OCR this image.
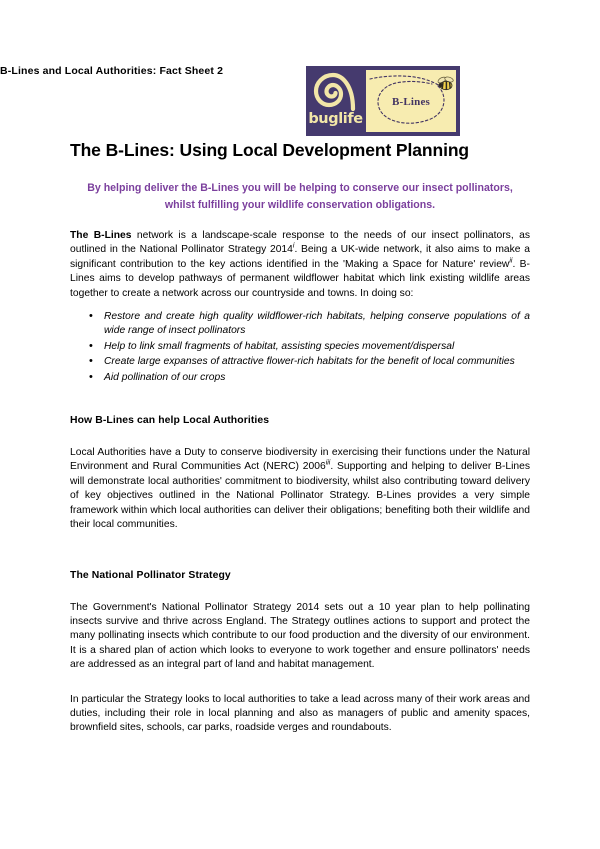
B-Lines and Local Authorities: Fact Sheet 2
buglife
B-Lines
The B-Lines: Using Local Development Planning
By helping deliver the B-Lines you will be helping to conserve our insect pollinators,
whilst fulfilling your wildlife conservation obligations.

The B-Lines network is a landscape-scale response to the needs of our insect pollinators, as outlined in the National Pollinator Strategy 2014$^i$. Being a UK-wide network, it also aims to make a significant contribution to the key actions identified in the 'Making a Space for Nature' review$^{ii}$. B-Lines aims to develop pathways of permanent wildflower habitat which link existing wildlife areas together to create a network across our countryside and towns. In doing so:

• Restore and create high quality wildflower-rich habitats, helping conserve populations of a wide range of insect pollinators
• Help to link small fragments of habitat, assisting species movement/dispersal
• Create large expanses of attractive flower-rich habitats for the benefit of local communities
• Aid pollination of our crops
How B-Lines can help Local Authorities

Local Authorities have a Duty to conserve biodiversity in exercising their functions under the Natural Environment and Rural Communities Act (NERC) 2006$^{iii}$. Supporting and helping to deliver B-Lines will demonstrate local authorities' commitment to biodiversity, whilst also contributing toward delivery of key objectives outlined in the National Pollinator Strategy. B-Lines provides a very simple framework within which local authorities can deliver their obligations; benefiting both their wildlife and their local communities.

The National Pollinator Strategy

The Government's National Pollinator Strategy 2014 sets out a 10 year plan to help pollinating insects survive and thrive across England. The Strategy outlines actions to support and protect the many pollinating insects which contribute to our food production and the diversity of our environment. It is a shared plan of action which looks to everyone to work together and ensure pollinators' needs are addressed as an integral part of land and habitat management.

In particular the Strategy looks to local authorities to take a lead across many of their work areas and duties, including their role in local planning and also as managers of public and amenity spaces, brownfield sites, schools, car parks, roadside verges and roundabouts.
